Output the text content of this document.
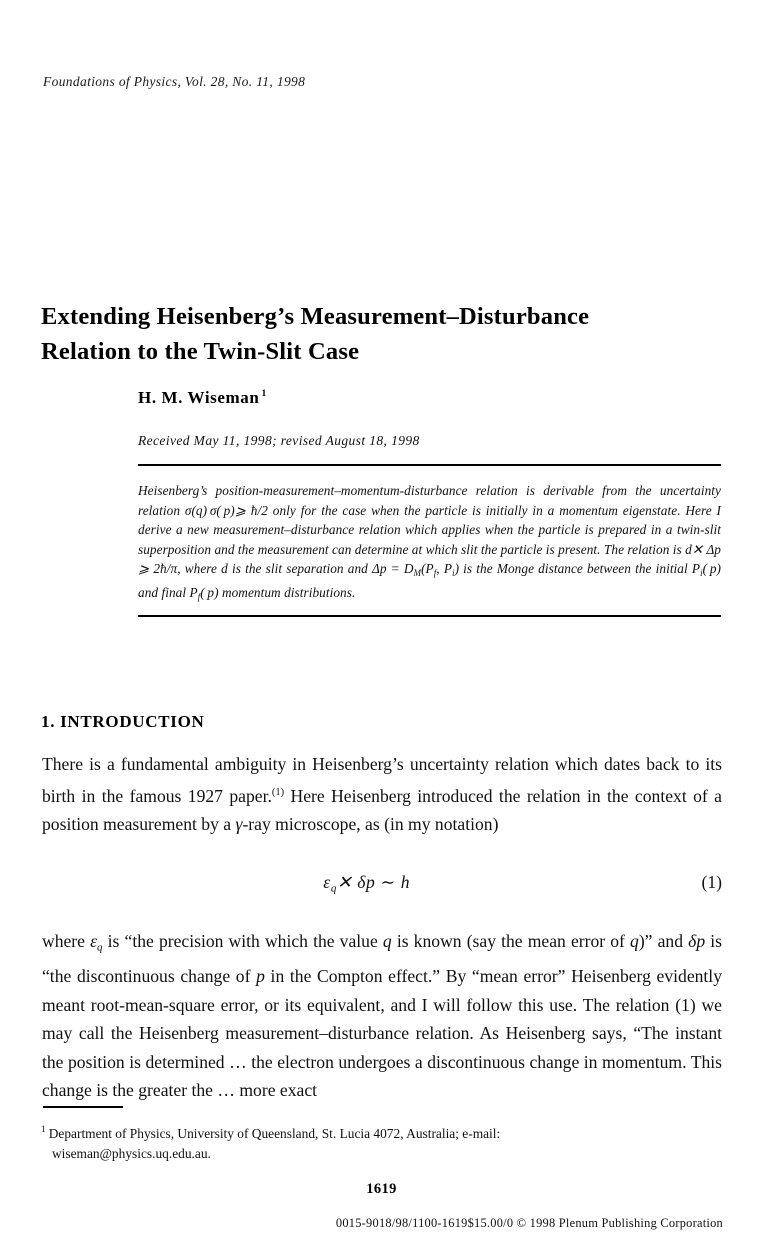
Foundations of Physics, Vol. 28, No. 11, 1998
Extending Heisenberg’s Measurement–Disturbance
Relation to the Twin-Slit Case
H. M. Wiseman $^1$
Received May 11, 1998; revised August 18, 1998
Heisenberg’s position-measurement–momentum-disturbance relation is derivable from the uncertainty relation σ(q) σ( p)⩾ ħ/2 only for the case when the particle is initially in a momentum eigenstate. Here I derive a new measurement–disturbance relation which applies when the particle is prepared in a twin-slit superposition and the measurement can determine at which slit the particle is present. The relation is d✕ Δp ⩾ 2ħ/π, where d is the slit separation and $\Delta p = D_M(P_f$, $P_i$) is the Monge distance between the initial $P_i$( p) and final $P_f$( p) momentum distributions.
1. INTRODUCTION

There is a fundamental ambiguity in Heisenberg’s uncertainty relation which dates back to its birth in the famous 1927 paper.$^{(1)}$ Here Heisenberg introduced the relation in the context of a position measurement by a γ-ray microscope, as (in my notation)

$\varepsilon_q✕$ δp ∼ h	(1)

where $\varepsilon_q$ is “the precision with which the value q is known (say the mean error of q)” and δp is “the discontinuous change of p in the Compton effect.” By “mean error” Heisenberg evidently meant root-mean-square error, or its equivalent, and I will follow this use. The relation (1) we may call the Heisenberg measurement–disturbance relation. As Heisenberg says, “The instant the position is determined … the electron undergoes a discontinuous change in momentum. This change is the greater the … more exact

$^1$ Department of Physics, University of Queensland, St. Lucia 4072, Australia; e-mail:
wiseman@physics.uq.edu.au.
1619
0015-9018/98/1100-1619$15.00/0 © 1998 Plenum Publishing Corporation
